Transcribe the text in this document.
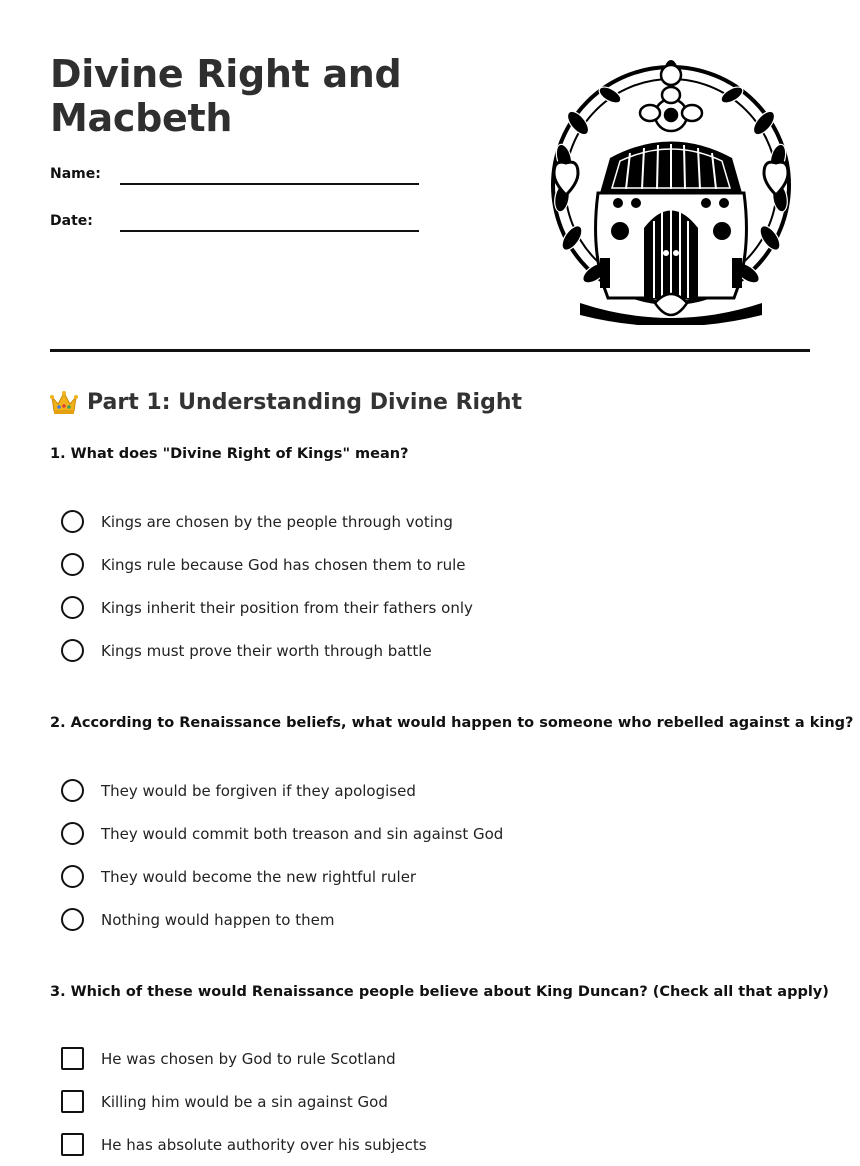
Divine Right and Macbeth
Name:
Date:
Part 1: Understanding Divine Right

1. What does "Divine Right of Kings" mean?

Kings are chosen by the people through voting
Kings rule because God has chosen them to rule
Kings inherit their position from their fathers only
Kings must prove their worth through battle

2. According to Renaissance beliefs, what would happen to someone who rebelled against a king?

They would be forgiven if they apologised
They would commit both treason and sin against God
They would become the new rightful ruler
Nothing would happen to them

3. Which of these would Renaissance people believe about King Duncan? (Check all that apply)

He was chosen by God to rule Scotland
Killing him would be a sin against God
He has absolute authority over his subjects
